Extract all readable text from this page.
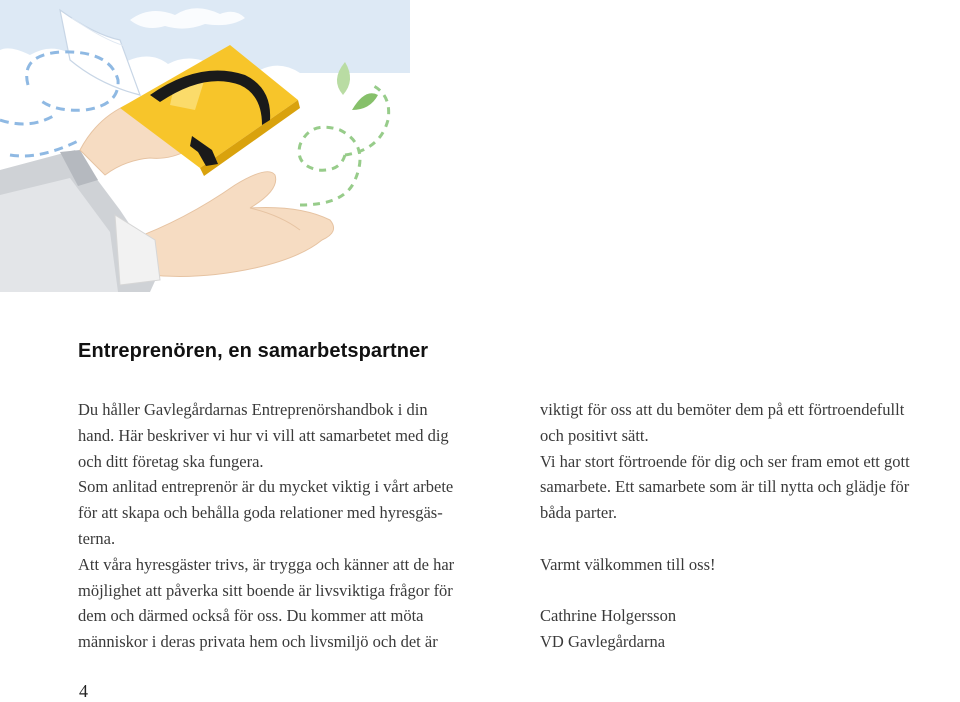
Entreprenören, en samarbetspartner

Du håller Gavlegårdarnas Entreprenörshandbok i din

hand. Här beskriver vi hur vi vill att samarbetet med dig

och ditt företag ska fungera.

Som anlitad entreprenör är du mycket viktig i vårt arbete

för att skapa och behålla goda relationer med hyresgäs-

terna.

Att våra hyresgäster trivs, är trygga och känner att de har

möjlighet att påverka sitt boende är livsviktiga frågor för

dem och därmed också för oss. Du kommer att möta

människor i deras privata hem och livsmiljö och det är

viktigt för oss att du bemöter dem på ett förtroendefullt

och positivt sätt.

Vi har stort förtroende för dig och ser fram emot ett gott

samarbete. Ett samarbete som är till nytta och glädje för

båda parter.

Varmt välkommen till oss!

Cathrine Holgersson

VD Gavlegårdarna

4
